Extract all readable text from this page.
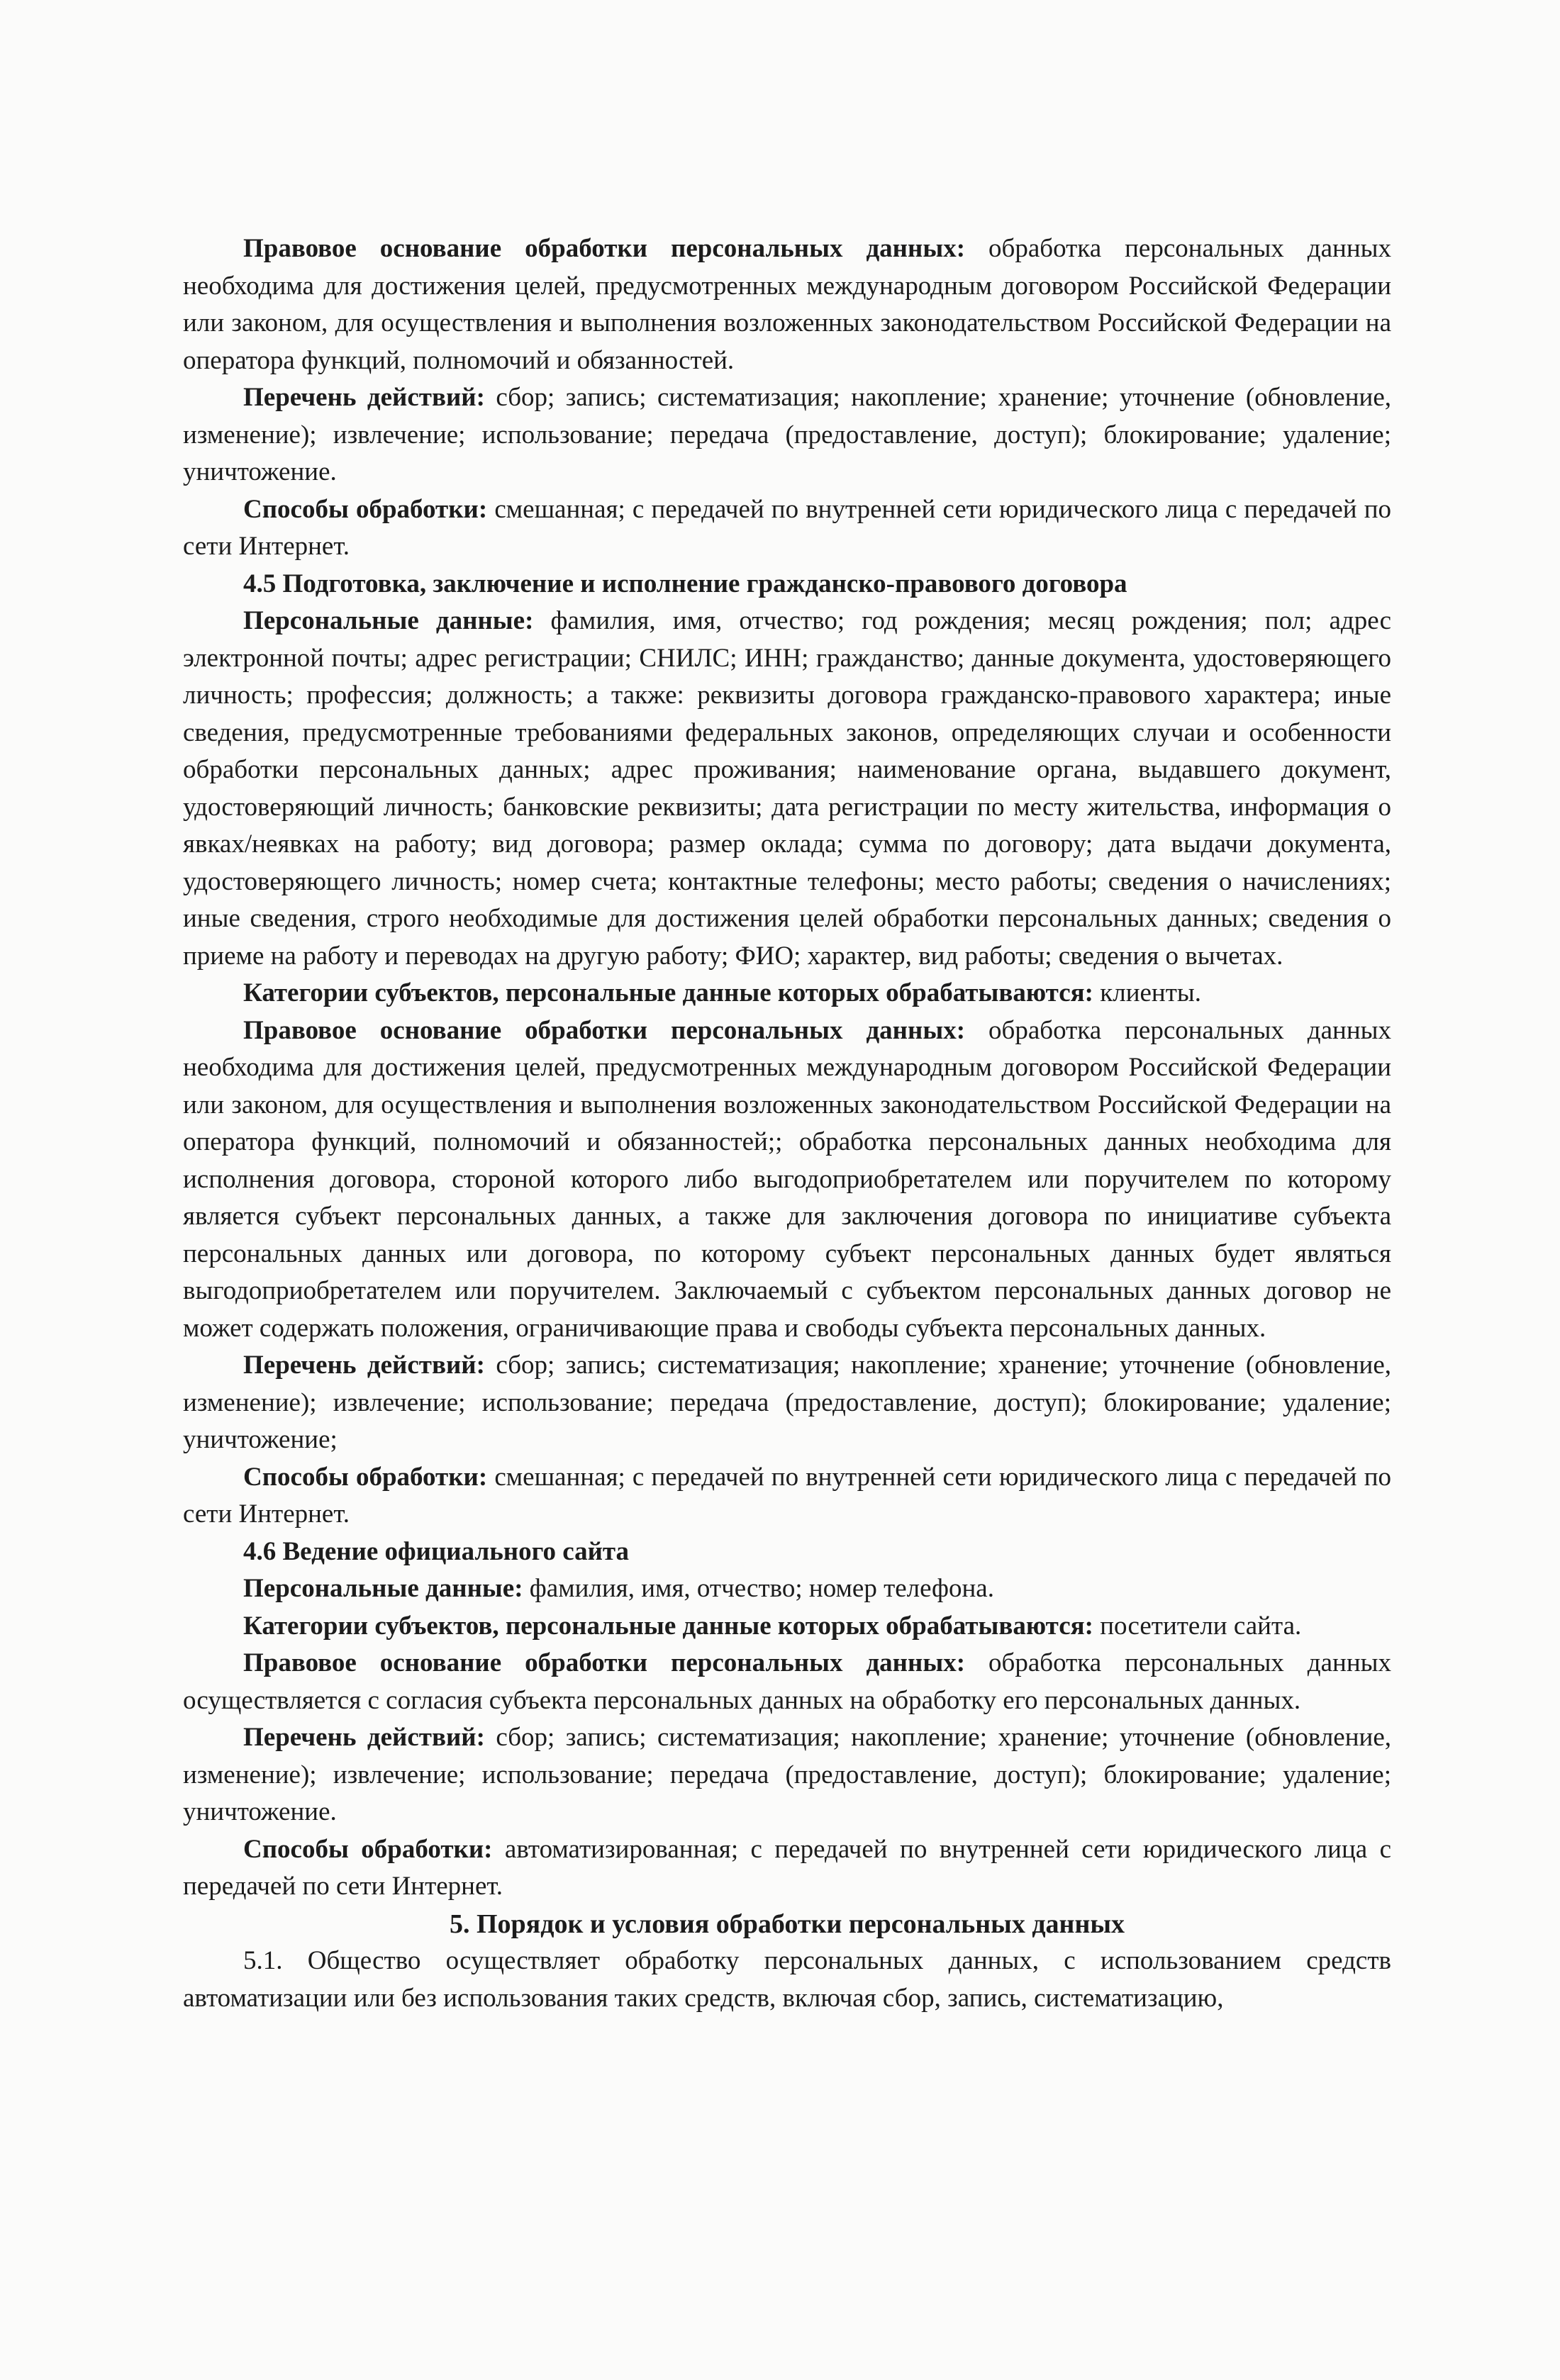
Правовое основание обработки персональных данных: обработка персональных данных необходима для достижения целей, предусмотренных международным договором Российской Федерации или законом, для осуществления и выполнения возложенных законодательством Российской Федерации на оператора функций, полномочий и обязанностей.

Перечень действий: сбор; запись; систематизация; накопление; хранение; уточнение (обновление, изменение); извлечение; использование; передача (предоставление, доступ); блокирование; удаление; уничтожение.

Способы обработки: смешанная; с передачей по внутренней сети юридического лица с передачей по сети Интернет.

4.5 Подготовка, заключение и исполнение гражданско-правового договора

Персональные данные: фамилия, имя, отчество; год рождения; месяц рождения; пол; адрес электронной почты; адрес регистрации; СНИЛС; ИНН; гражданство; данные документа, удостоверяющего личность; профессия; должность; а также: реквизиты договора гражданско-правового характера; иные сведения, предусмотренные требованиями федеральных законов, определяющих случаи и особенности обработки персональных данных; адрес проживания; наименование органа, выдавшего документ, удостоверяющий личность; банковские реквизиты; дата регистрации по месту жительства, информация о явках/неявках на работу; вид договора; размер оклада; сумма по договору; дата выдачи документа, удостоверяющего личность; номер счета; контактные телефоны; место работы; сведения о начислениях; иные сведения, строго необходимые для достижения целей обработки персональных данных; сведения о приеме на работу и переводах на другую работу; ФИО; характер, вид работы; сведения о вычетах.

Категории субъектов, персональные данные которых обрабатываются: клиенты.

Правовое основание обработки персональных данных: обработка персональных данных необходима для достижения целей, предусмотренных международным договором Российской Федерации или законом, для осуществления и выполнения возложенных законодательством Российской Федерации на оператора функций, полномочий и обязанностей;; обработка персональных данных необходима для исполнения договора, стороной которого либо выгодоприобретателем или поручителем по которому является субъект персональных данных, а также для заключения договора по инициативе субъекта персональных данных или договора, по которому субъект персональных данных будет являться выгодоприобретателем или поручителем. Заключаемый с субъектом персональных данных договор не может содержать положения, ограничивающие права и свободы субъекта персональных данных.

Перечень действий: сбор; запись; систематизация; накопление; хранение; уточнение (обновление, изменение); извлечение; использование; передача (предоставление, доступ); блокирование; удаление; уничтожение;

Способы обработки: смешанная; с передачей по внутренней сети юридического лица с передачей по сети Интернет.

4.6 Ведение официального сайта

Персональные данные: фамилия, имя, отчество; номер телефона.

Категории субъектов, персональные данные которых обрабатываются: посетители сайта.

Правовое основание обработки персональных данных: обработка персональных данных осуществляется с согласия субъекта персональных данных на обработку его персональных данных.

Перечень действий: сбор; запись; систематизация; накопление; хранение; уточнение (обновление, изменение); извлечение; использование; передача (предоставление, доступ); блокирование; удаление; уничтожение.

Способы обработки: автоматизированная; с передачей по внутренней сети юридического лица с передачей по сети Интернет.

5. Порядок и условия обработки персональных данных

5.1. Общество осуществляет обработку персональных данных, с использованием средств автоматизации или без использования таких средств, включая сбор, запись, систематизацию,
